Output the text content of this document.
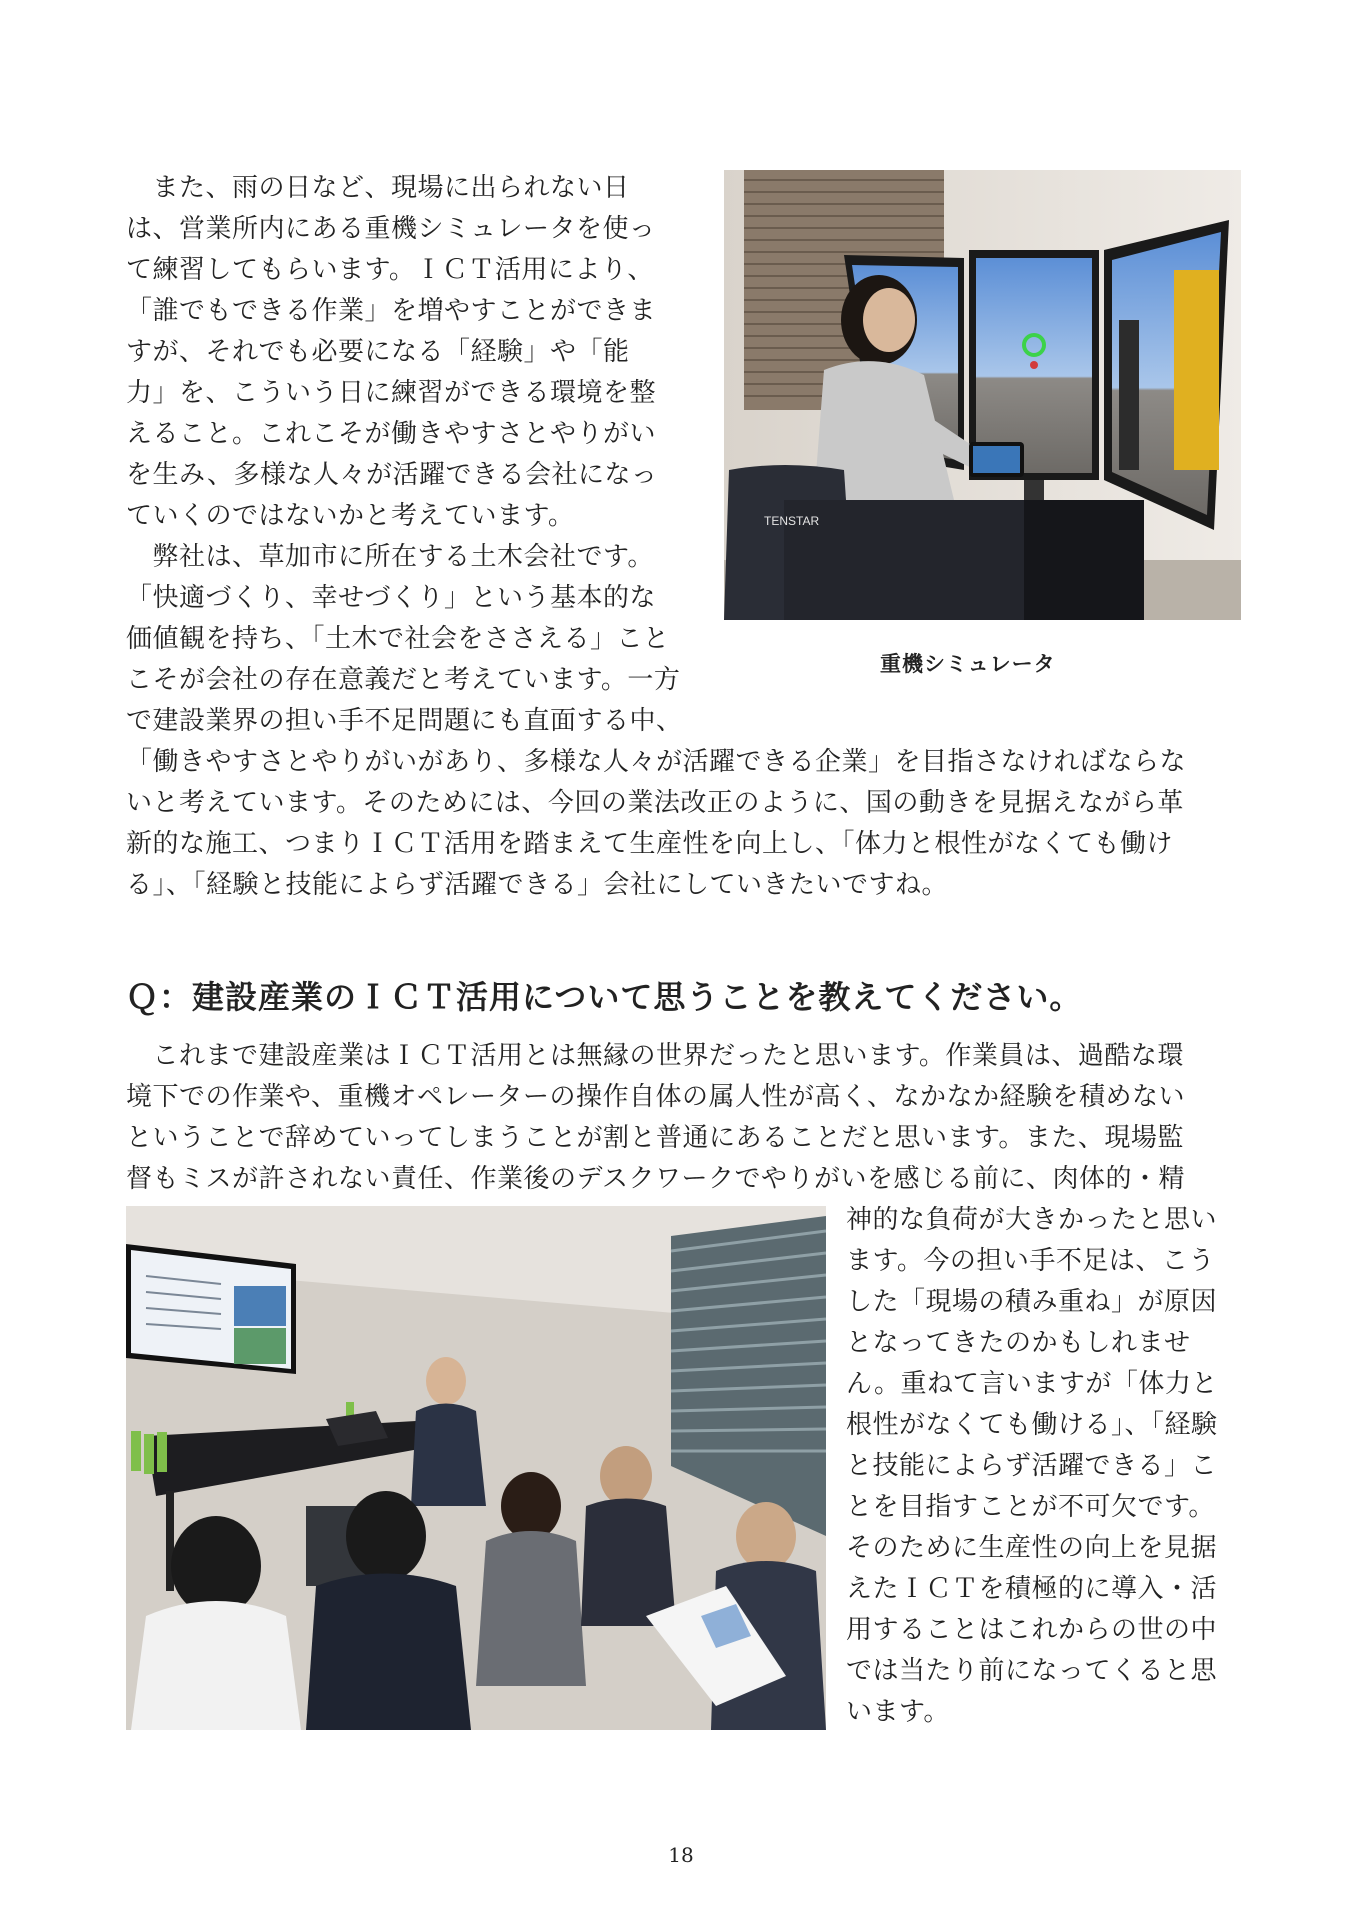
　また、雨の日など、現場に出られない日
は、営業所内にある重機シミュレータを使っ
て練習してもらいます。ＩＣＴ活用により、
「誰でもできる作業」を増やすことができま
すが、それでも必要になる「経験」や「能
力」を、こういう日に練習ができる環境を整
えること。これこそが働きやすさとやりがい
を生み、多様な人々が活躍できる会社になっ
ていくのではないかと考えています。
　弊社は、草加市に所在する土木会社です。
「快適づくり、幸せづくり」という基本的な
価値観を持ち、「土木で社会をささえる」こと
こそが会社の存在意義だと考えています。一方
で建設業界の担い手不足問題にも直面する中、
「働きやすさとやりがいがあり、多様な人々が活躍できる企業」を目指さなければならな
いと考えています。そのためには、今回の業法改正のように、国の動きを見据えながら革
新的な施工、つまりＩＣＴ活用を踏まえて生産性を向上し、「体力と根性がなくても働け
る」、「経験と技能によらず活躍できる」会社にしていきたいですね。
TENSTAR
重機シミュレータ
Ｑ：建設産業のＩＣＴ活用について思うことを教えてください。
　これまで建設産業はＩＣＴ活用とは無縁の世界だったと思います。作業員は、過酷な環
境下での作業や、重機オペレーターの操作自体の属人性が高く、なかなか経験を積めない
ということで辞めていってしまうことが割と普通にあることだと思います。また、現場監
督もミスが許されない責任、作業後のデスクワークでやりがいを感じる前に、肉体的・精
神的な負荷が大きかったと思い
ます。今の担い手不足は、こう
した「現場の積み重ね」が原因
となってきたのかもしれませ
ん。重ねて言いますが「体力と
根性がなくても働ける」、「経験
と技能によらず活躍できる」こ
とを目指すことが不可欠です。
そのために生産性の向上を見据
えたＩＣＴを積極的に導入・活
用することはこれからの世の中
では当たり前になってくると思
います。
18
